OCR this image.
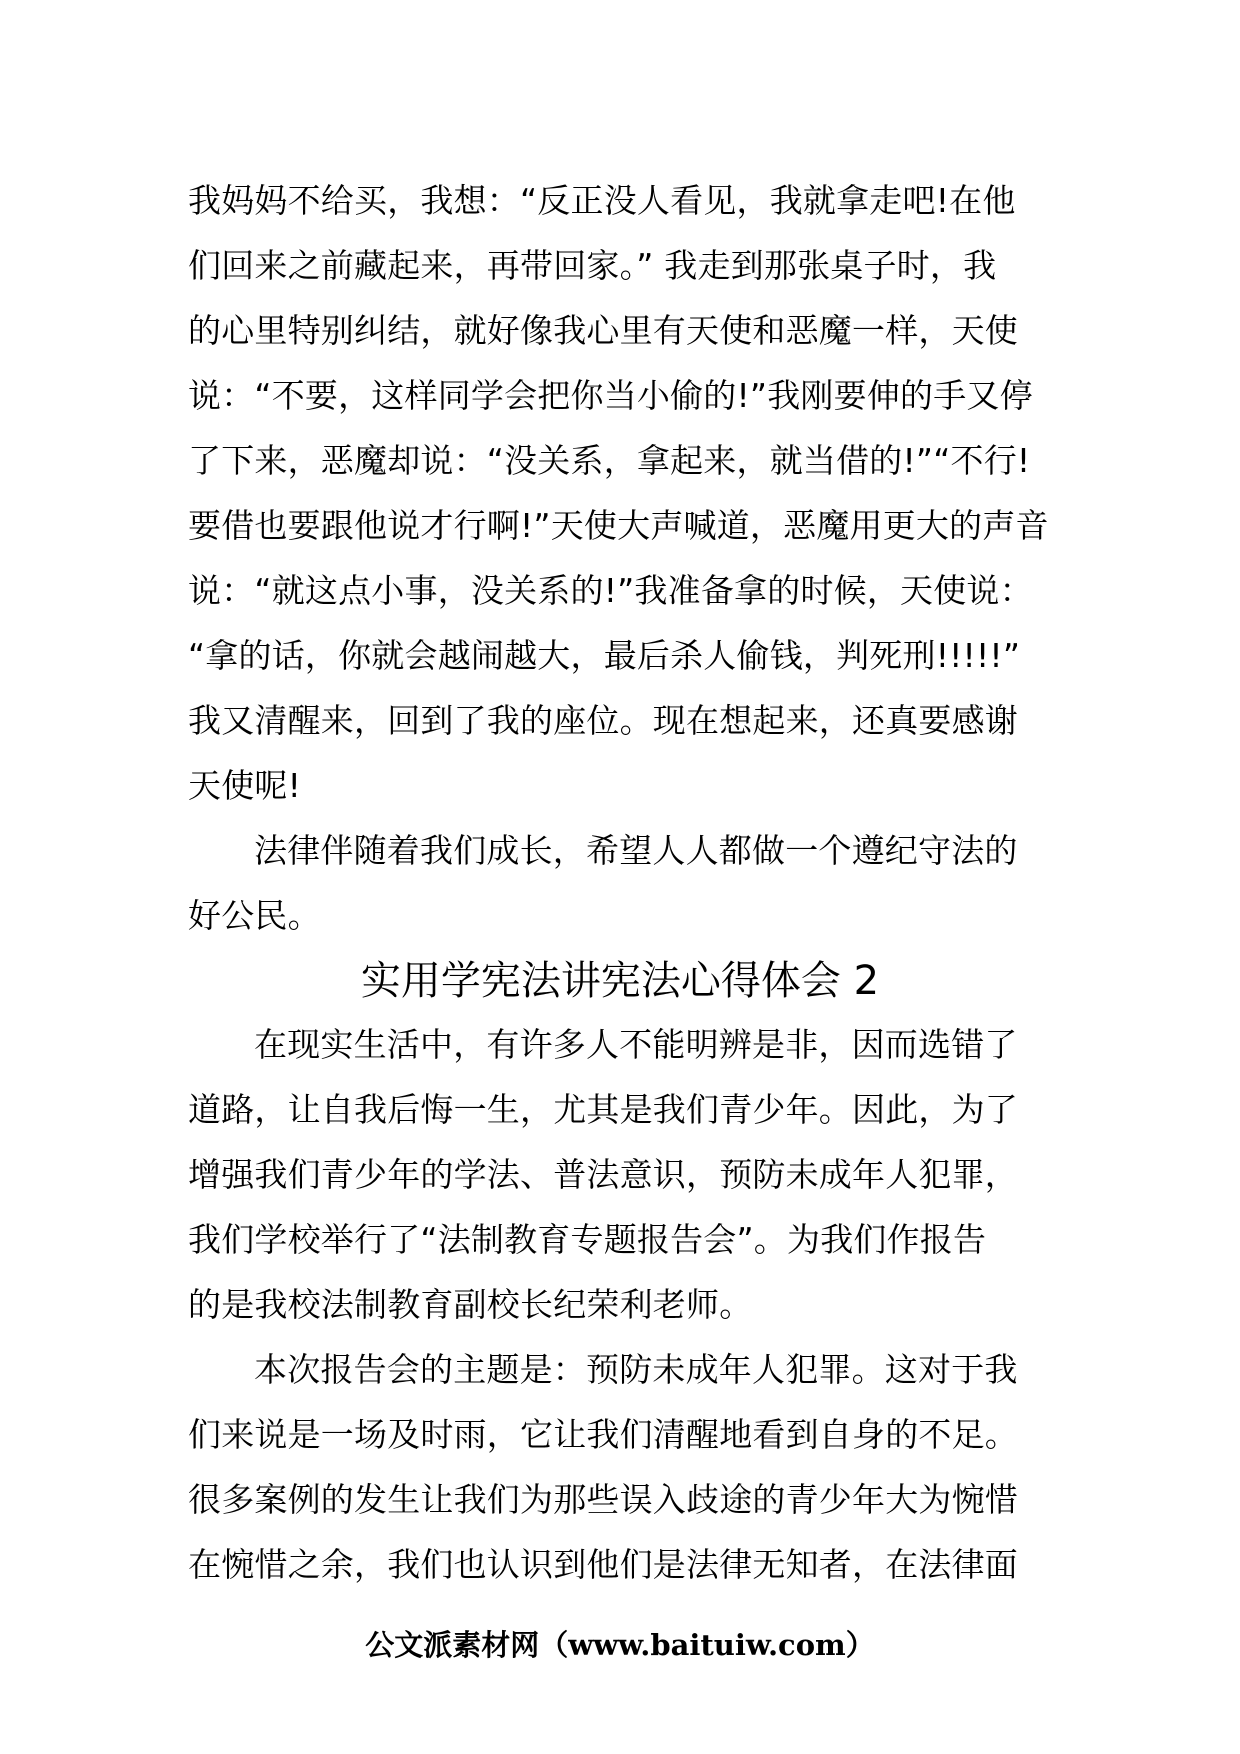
我妈妈不给买，我想：“反正没人看见，我就拿走吧!在他
们回来之前藏起来，再带回家。” 我走到那张桌子时，我
的心里特别纠结，就好像我心里有天使和恶魔一样，天使
说：“不要，这样同学会把你当小偷的!”我刚要伸的手又停
了下来，恶魔却说：“没关系，拿起来，就当借的!”“不行!
要借也要跟他说才行啊!”天使大声喊道，恶魔用更大的声音
说：“就这点小事，没关系的!”我准备拿的时候，天使说：
“拿的话，你就会越闹越大，最后杀人偷钱，判死刑!!!!!”
我又清醒来，回到了我的座位。现在想起来，还真要感谢
天使呢!
法律伴随着我们成长，希望人人都做一个遵纪守法的
好公民。
实用学宪法讲宪法心得体会 2
在现实生活中，有许多人不能明辨是非，因而选错了
道路，让自我后悔一生，尤其是我们青少年。因此，为了
增强我们青少年的学法、普法意识，预防未成年人犯罪，
我们学校举行了“法制教育专题报告会”。为我们作报告
的是我校法制教育副校长纪荣利老师。
本次报告会的主题是：预防未成年人犯罪。这对于我
们来说是一场及时雨，它让我们清醒地看到自身的不足。
很多案例的发生让我们为那些误入歧途的青少年大为惋惜
在惋惜之余，我们也认识到他们是法律无知者，在法律面
公文派素材网（www.baituiw.com）
